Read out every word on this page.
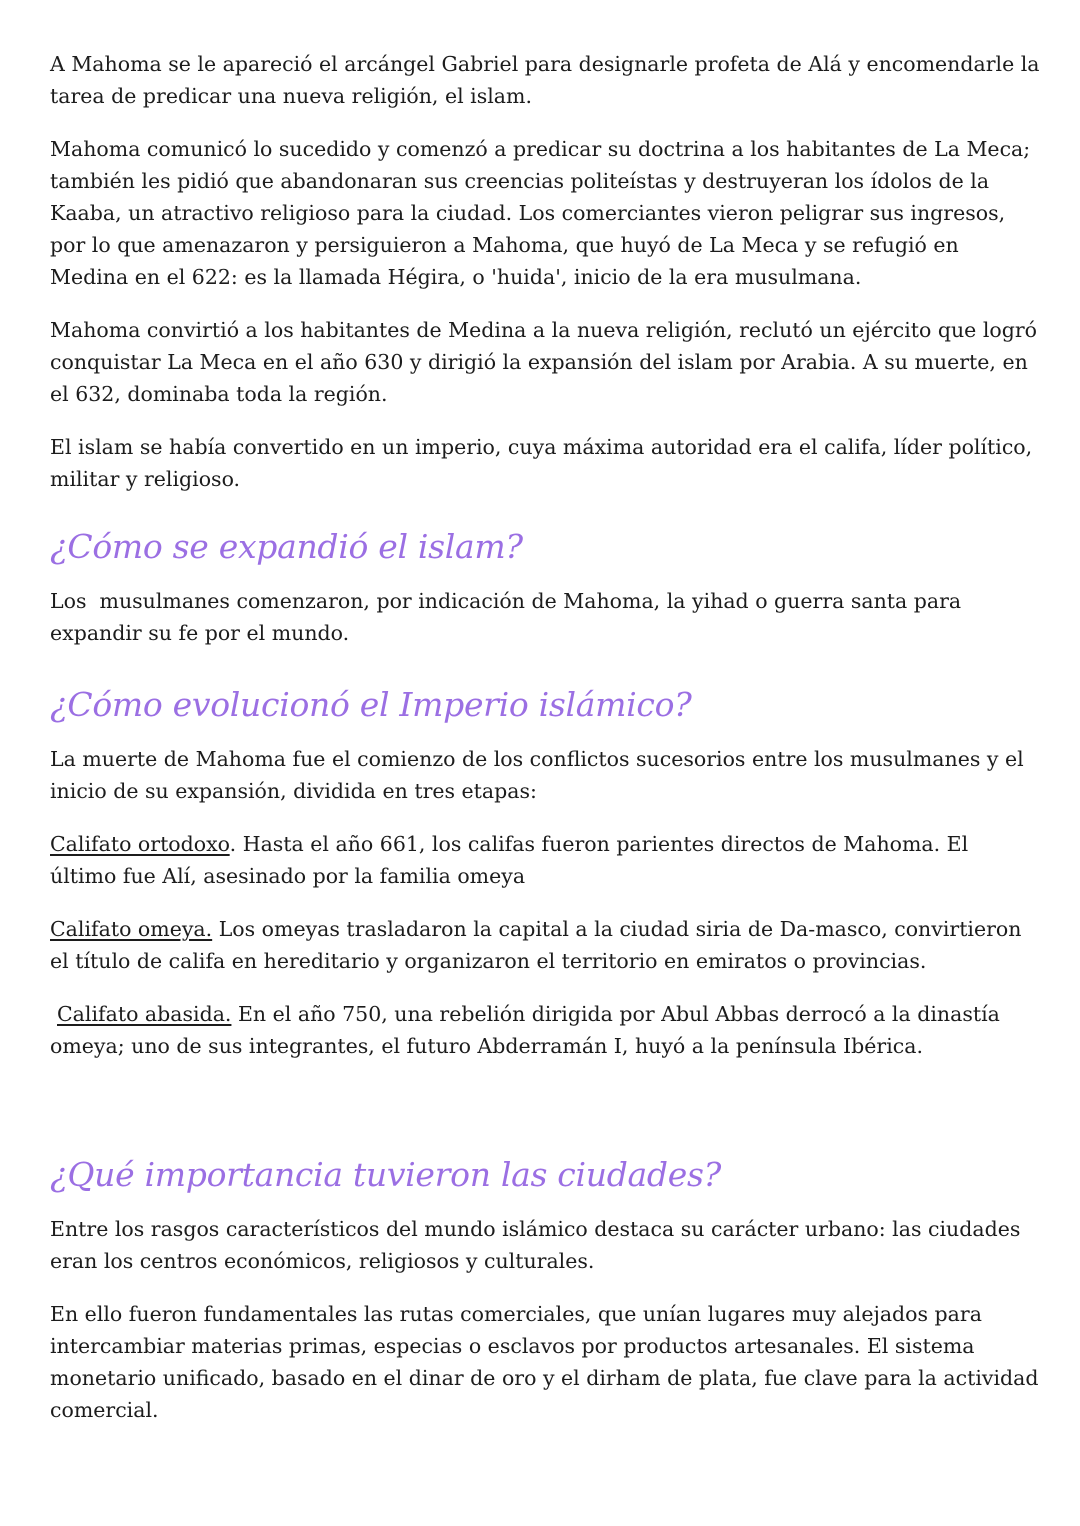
A Mahoma se le apareció el arcángel Gabriel para designarle profeta de Alá y encomendarle la tarea de predicar una nueva religión, el islam.

Mahoma comunicó lo sucedido y comenzó a predicar su doctrina a los habitantes de La Meca; también les pidió que abandonaran sus creencias politeístas y destruyeran los ídolos de la Kaaba, un atractivo religioso para la ciudad. Los comerciantes vieron peligrar sus ingresos, por lo que amenazaron y persiguieron a Mahoma, que huyó de La Meca y se refugió en Medina en el 622: es la llamada Hégira, o 'huida', inicio de la era musulmana.

Mahoma convirtió a los habitantes de Medina a la nueva religión, reclutó un ejército que logró conquistar La Meca en el año 630 y dirigió la expansión del islam por Arabia. A su muerte, en el 632, dominaba toda la región.

El islam se había convertido en un imperio, cuya máxima autoridad era el califa, líder político, militar y religioso.

¿Cómo se expandió el islam?

Los  musulmanes comenzaron, por indicación de Mahoma, la yihad o guerra santa para expandir su fe por el mundo.

¿Cómo evolucionó el Imperio islámico?

La muerte de Mahoma fue el comienzo de los conflictos sucesorios entre los musulmanes y el inicio de su expansión, dividida en tres etapas:

Califato ortodoxo. Hasta el año 661, los califas fueron parientes directos de Mahoma. El último fue Alí, asesinado por la familia omeya

Califato omeya. Los omeyas trasladaron la capital a la ciudad siria de Da-masco, convirtieron el título de califa en hereditario y organizaron el territorio en emiratos o provincias.

Califato abasida. En el año 750, una rebelión dirigida por Abul Abbas derrocó a la dinastía omeya; uno de sus integrantes, el futuro Abderramán I, huyó a la península Ibérica.

¿Qué importancia tuvieron las ciudades?

Entre los rasgos característicos del mundo islámico destaca su carácter urbano: las ciudades eran los centros económicos, religiosos y culturales.

En ello fueron fundamentales las rutas comerciales, que unían lugares muy alejados para intercambiar materias primas, especias o esclavos por productos artesanales. El sistema monetario unificado, basado en el dinar de oro y el dirham de plata, fue clave para la actividad comercial.
